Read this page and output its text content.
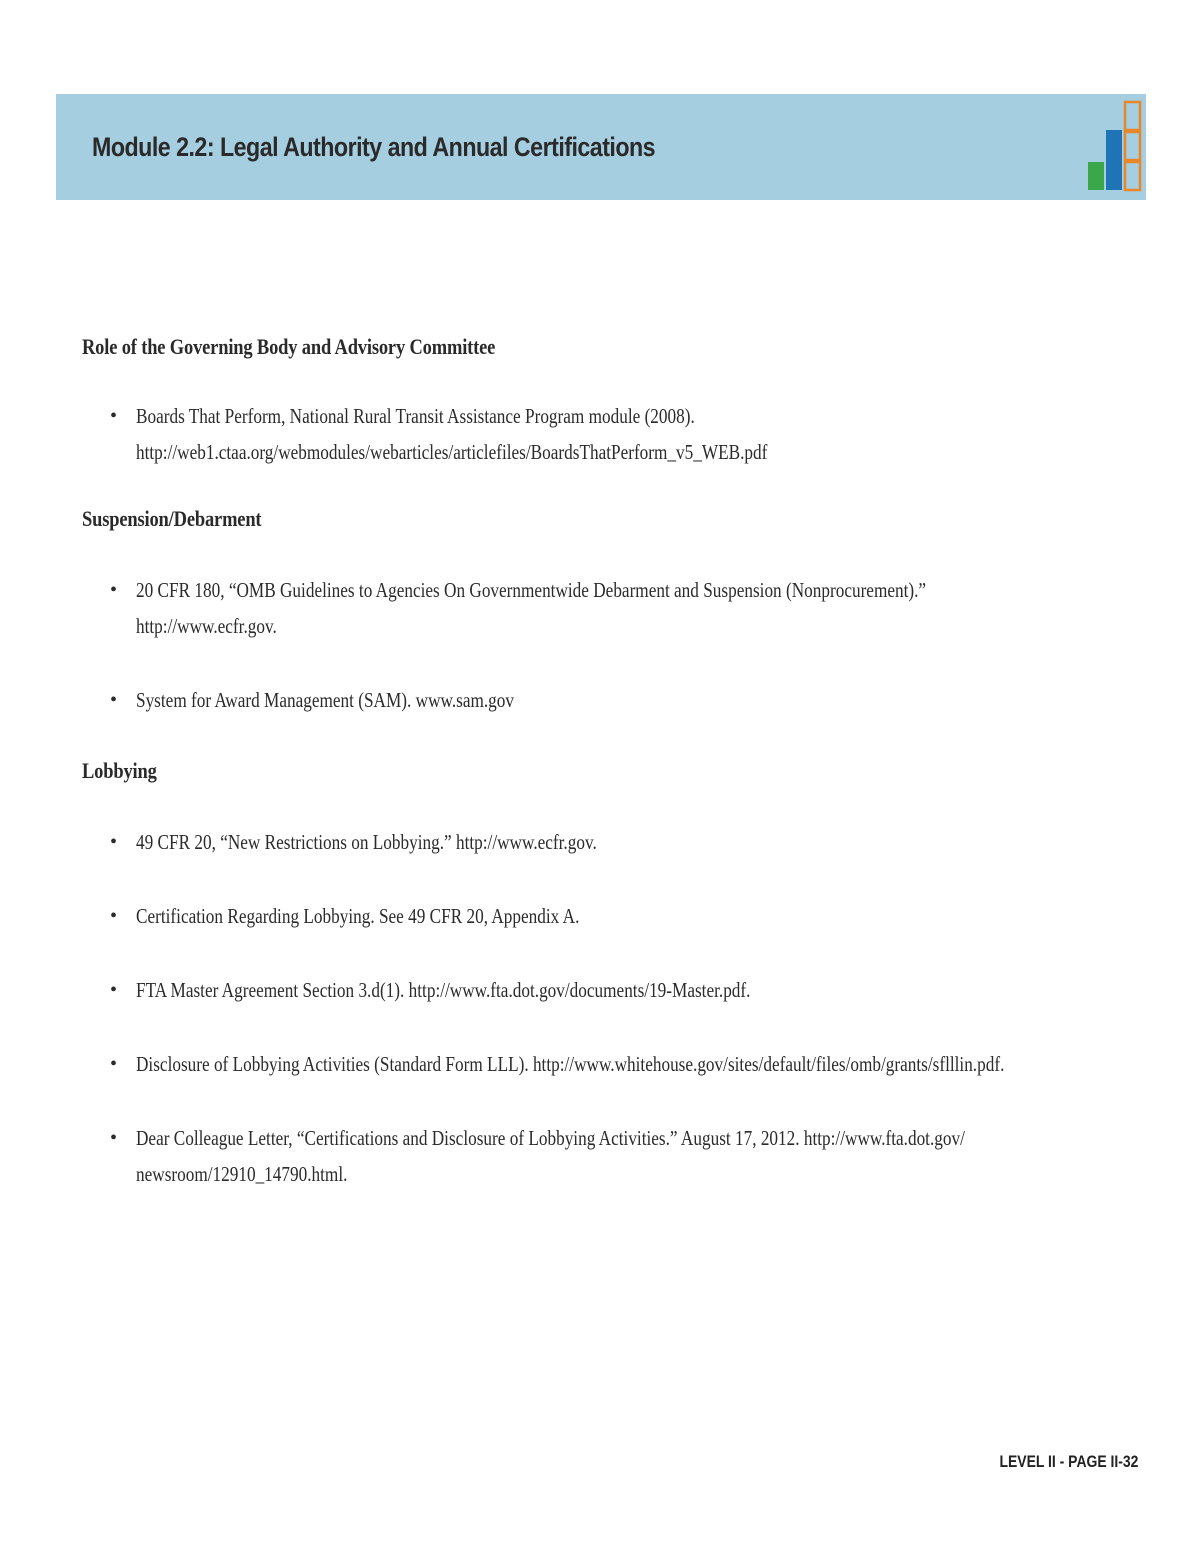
Module 2.2: Legal Authority and Annual Certifications
Role of the Governing Body and Advisory Committee
• Boards That Perform, National Rural Transit Assistance Program module (2008).
http://web1.ctaa.org/webmodules/webarticles/articlefiles/BoardsThatPerform_v5_WEB.pdf
Suspension/Debarment
• 20 CFR 180, “OMB Guidelines to Agencies On Governmentwide Debarment and Suspension (Nonprocurement).”
http://www.ecfr.gov.
• System for Award Management (SAM). www.sam.gov
Lobbying
• 49 CFR 20, “New Restrictions on Lobbying.” http://www.ecfr.gov.
• Certification Regarding Lobbying. See 49 CFR 20, Appendix A.
• FTA Master Agreement Section 3.d(1). http://www.fta.dot.gov/documents/19-Master.pdf.
• Disclosure of Lobbying Activities (Standard Form LLL). http://www.whitehouse.gov/sites/default/files/omb/grants/sflllin.pdf.
• Dear Colleague Letter, “Certifications and Disclosure of Lobbying Activities.” August 17, 2012. http://www.fta.dot.gov/
newsroom/12910_14790.html.
LEVEL II - PAGE II-32
